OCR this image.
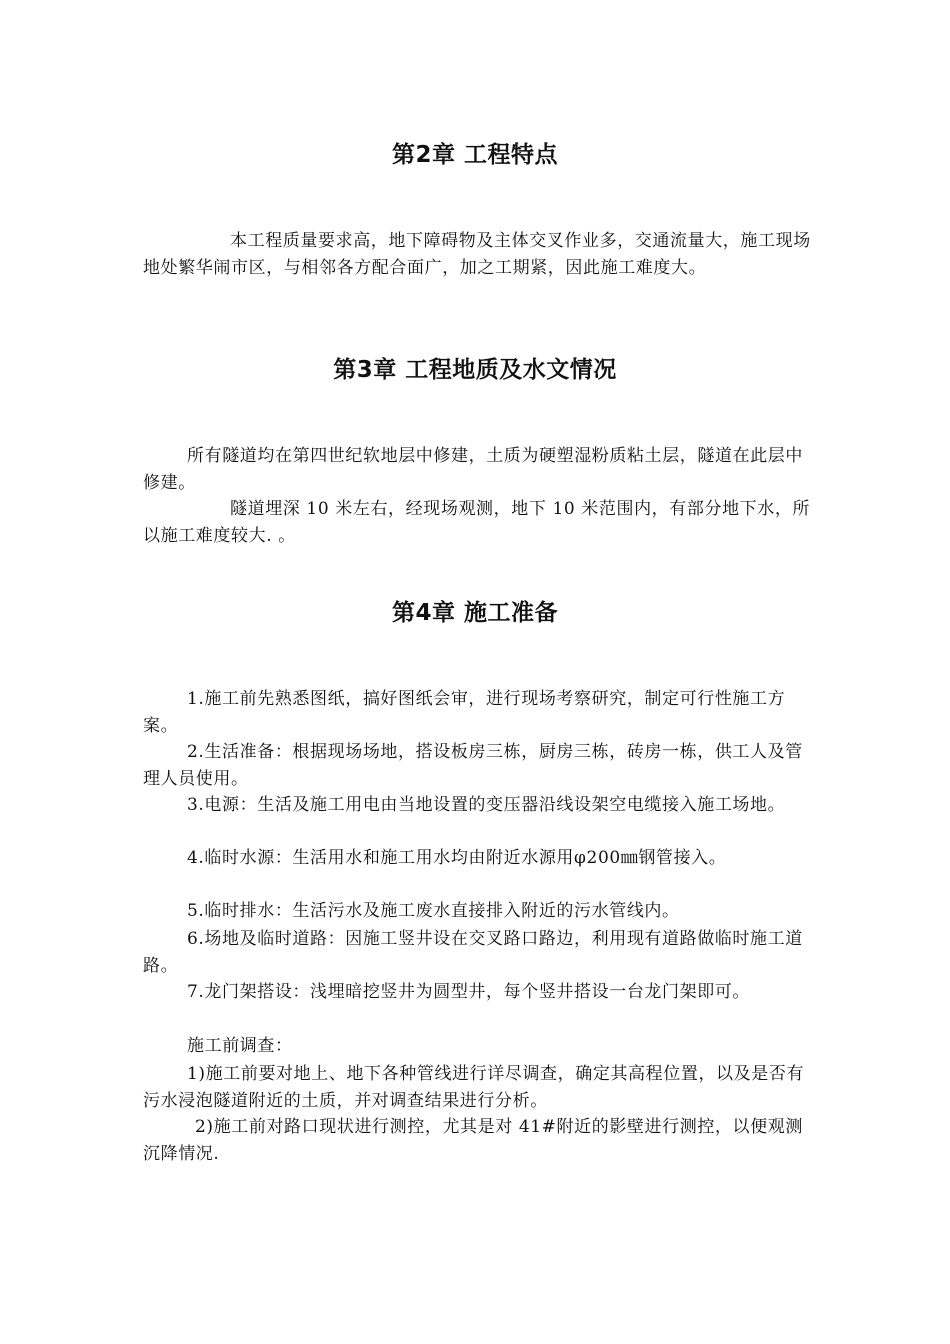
第2章 工程特点

本工程质量要求高，地下障碍物及主体交叉作业多，交通流量大，施工现场地处繁华闹市区，与相邻各方配合面广，加之工期紧，因此施工难度大。

第3章 工程地质及水文情况

所有隧道均在第四世纪软地层中修建，土质为硬塑湿粉质粘土层，隧道在此层中修建。

隧道埋深 10 米左右，经现场观测，地下 10 米范围内，有部分地下水，所以施工难度较大. 。

第4章 施工准备

1.施工前先熟悉图纸，搞好图纸会审，进行现场考察研究，制定可行性施工方案。

2.生活准备：根据现场场地，搭设板房三栋，厨房三栋，砖房一栋，供工人及管理人员使用。

3.电源：生活及施工用电由当地设置的变压器沿线设架空电缆接入施工场地。

4.临时水源：生活用水和施工用水均由附近水源用φ200㎜钢管接入。

5.临时排水：生活污水及施工废水直接排入附近的污水管线内。

6.场地及临时道路：因施工竖井设在交叉路口路边，利用现有道路做临时施工道路。

7.龙门架搭设：浅埋暗挖竖井为圆型井，每个竖井搭设一台龙门架即可。

施工前调查：

1)施工前要对地上、地下各种管线进行详尽调查，确定其高程位置，以及是否有污水浸泡隧道附近的土质，并对调查结果进行分析。

2)施工前对路口现状进行测控，尤其是对 41#附近的影壁进行测控，以便观测沉降情况.
